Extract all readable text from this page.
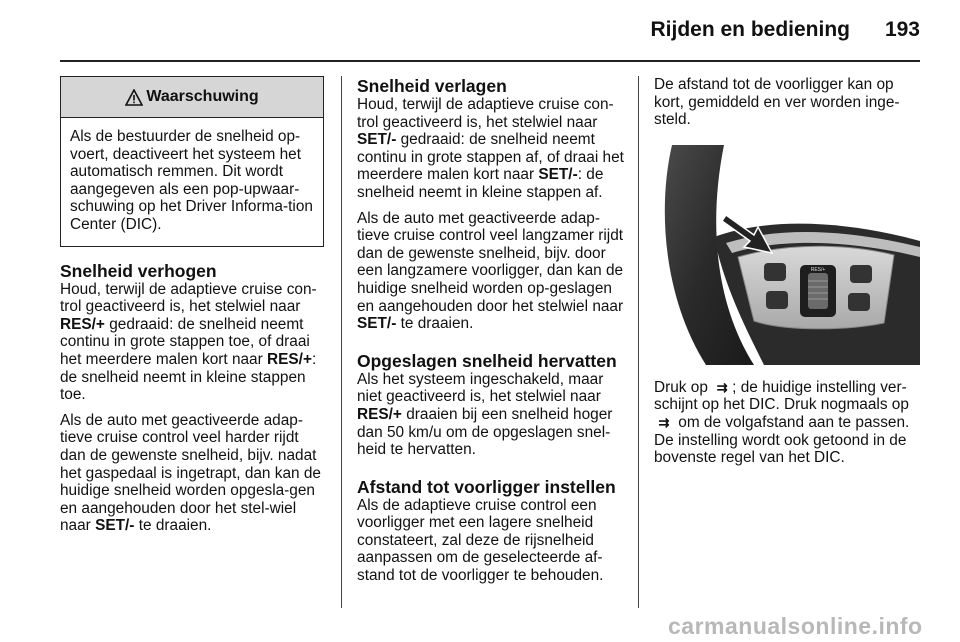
Rijden en bediening 193
Waarschuwing
Als de bestuurder de snelheid op-voert, deactiveert het systeem het automatisch remmen. Dit wordt aangegeven als een pop-upwaar-schuwing op het Driver Informa-tion Center (DIC).
Snelheid verhogen

Houd, terwijl de adaptieve cruise con-trol geactiveerd is, het stelwiel naar RES/+ gedraaid: de snelheid neemt continu in grote stappen toe, of draai het meerdere malen kort naar RES/+: de snelheid neemt in kleine stappen toe.

Als de auto met geactiveerde adap-tieve cruise control veel harder rijdt dan de gewenste snelheid, bijv. nadat het gaspedaal is ingetrapt, dan kan de huidige snelheid worden opgesla-gen en aangehouden door het stel-wiel naar SET/- te draaien.

Snelheid verlagen

Houd, terwijl de adaptieve cruise con-trol geactiveerd is, het stelwiel naar SET/- gedraaid: de snelheid neemt continu in grote stappen af, of draai het meerdere malen kort naar SET/-: de snelheid neemt in kleine stappen af.

Als de auto met geactiveerde adap-tieve cruise control veel langzamer rijdt dan de gewenste snelheid, bijv. door een langzamere voorligger, dan kan de huidige snelheid worden op-geslagen en aangehouden door het stelwiel naar SET/- te draaien.

Opgeslagen snelheid hervatten

Als het systeem ingeschakeld, maar niet geactiveerd is, het stelwiel naar RES/+ draaien bij een snelheid hoger dan 50 km/u om de opgeslagen snel-heid te hervatten.

Afstand tot voorligger instellen

Als de adaptieve cruise control een voorligger met een lagere snelheid constateert, zal deze de rijsnelheid aanpassen om de geselecteerde af-stand tot de voorligger te behouden.

De afstand tot de voorligger kan op kort, gemiddeld en ver worden inge-steld.

RES/+

Druk op ⇉ ; de huidige instelling ver-schijnt op het DIC. Druk nogmaals op ⇉ om de volgafstand aan te passen. De instelling wordt ook getoond in de bovenste regel van het DIC.

carmanualsonline.info
